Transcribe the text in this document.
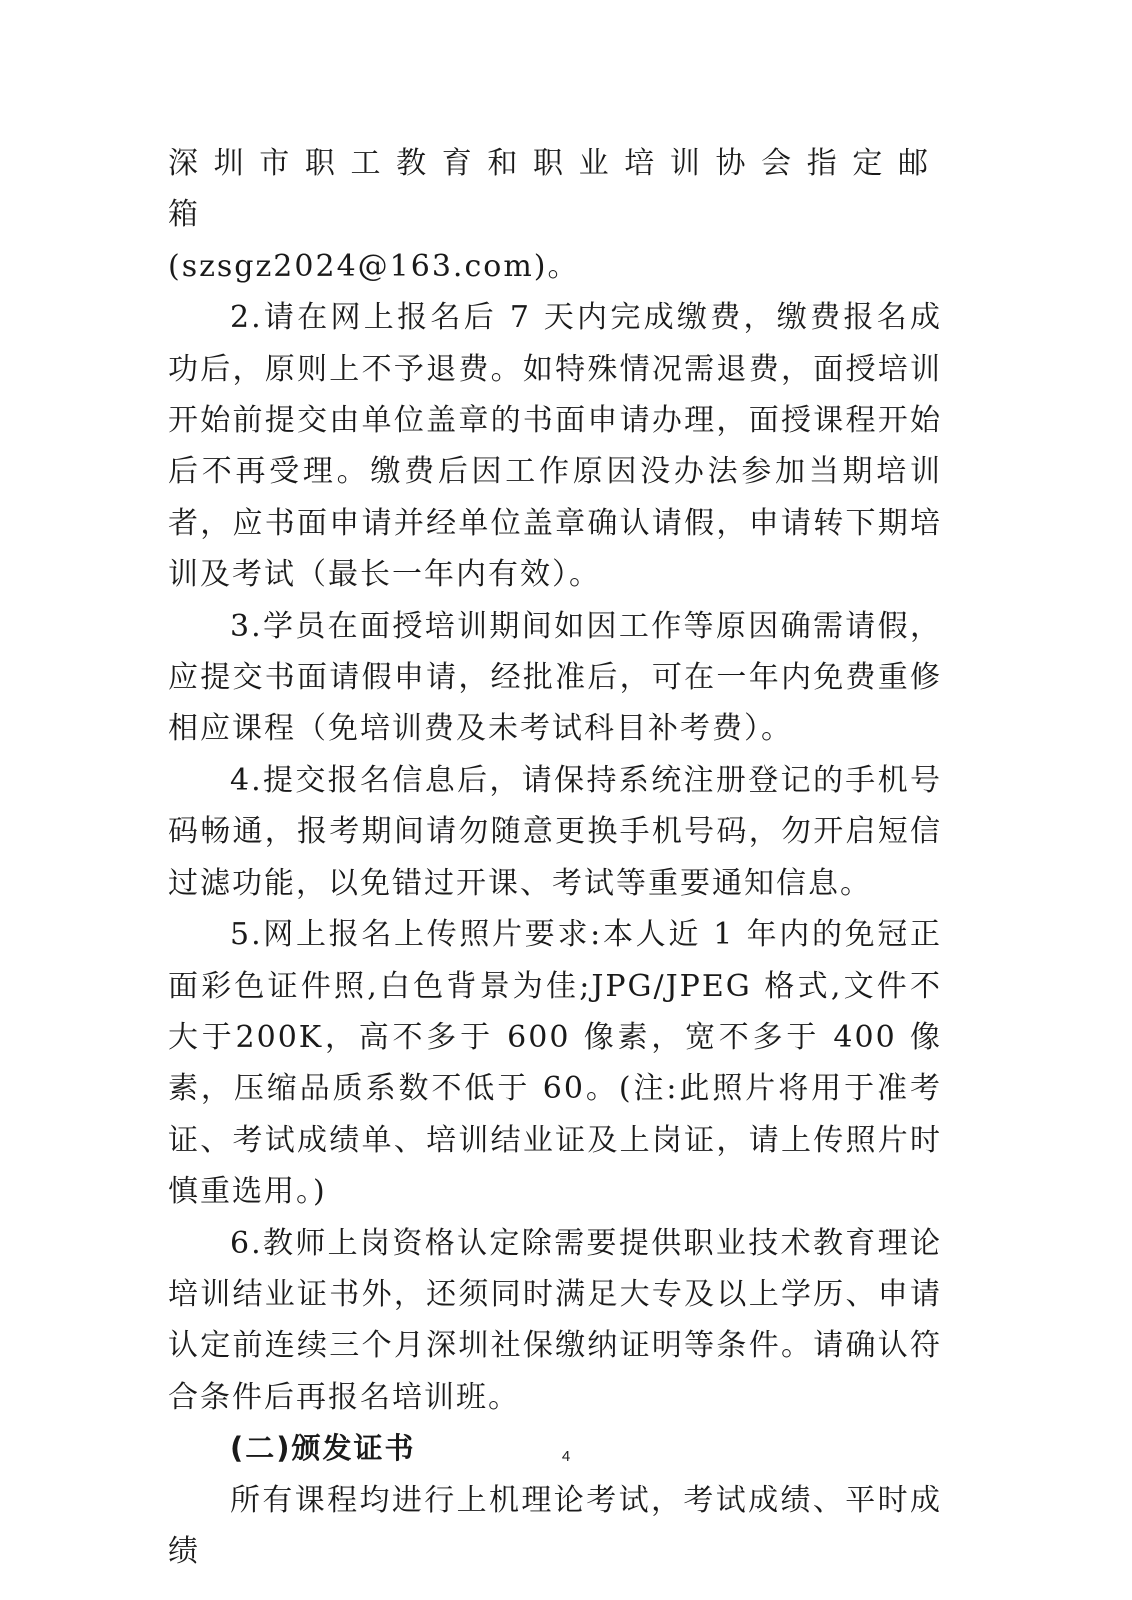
深圳市职工教育和职业培训协会指定邮箱

(szsgz2024@163.com)。

2.请在网上报名后 7 天内完成缴费，缴费报名成功后，原则上不予退费。如特殊情况需退费，面授培训开始前提交由单位盖章的书面申请办理，面授课程开始后不再受理。缴费后因工作原因没办法参加当期培训者，应书面申请并经单位盖章确认请假，申请转下期培训及考试（最长一年内有效）。

3.学员在面授培训期间如因工作等原因确需请假，应提交书面请假申请，经批准后，可在一年内免费重修相应课程（免培训费及未考试科目补考费）。

4.提交报名信息后，请保持系统注册登记的手机号码畅通，报考期间请勿随意更换手机号码，勿开启短信过滤功能，以免错过开课、考试等重要通知信息。

5.网上报名上传照片要求:本人近 1 年内的免冠正面彩色证件照,白色背景为佳;JPG/JPEG 格式,文件不大于200K，高不多于 600 像素，宽不多于 400 像素，压缩品质系数不低于 60。(注:此照片将用于准考证、考试成绩单、培训结业证及上岗证，请上传照片时慎重选用。)

6.教师上岗资格认定除需要提供职业技术教育理论培训结业证书外，还须同时满足大专及以上学历、申请认定前连续三个月深圳社保缴纳证明等条件。请确认符合条件后再报名培训班。

(二)颁发证书

所有课程均进行上机理论考试，考试成绩、平时成绩

4
